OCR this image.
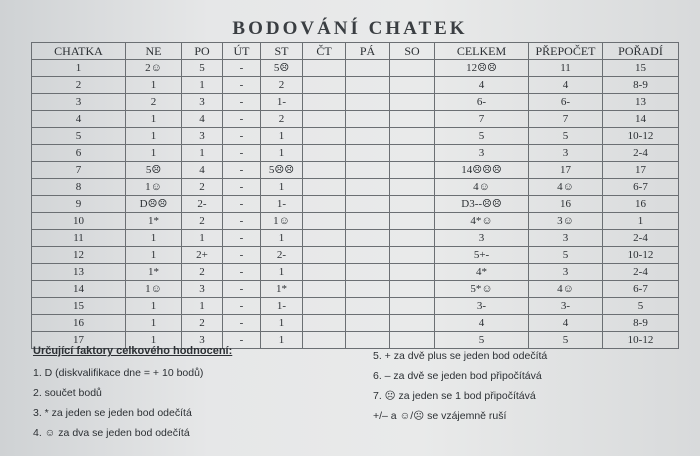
BODOVÁNÍ CHATEK
CHATKA	NE	PO	ÚT	ST	ČT	PÁ	SO	CELKEM	PŘEPOČET	POŘADÍ
1	2☺	5	-	5☹				12☹☹	11	15
2	1	1	-	2				4	4	8-9
3	2	3	-	1-				6-	6-	13
4	1	4	-	2				7	7	14
5	1	3	-	1				5	5	10-12
6	1	1	-	1				3	3	2-4
7	5☹	4	-	5☹☹				14☹☹☹	17	17
8	1☺	2	-	1				4☺	4☺	6-7
9	D☹☹	2-	-	1-				D3--☹☹	16	16
10	1*	2	-	1☺				4*☺	3☺	1
11	1	1	-	1				3	3	2-4
12	1	2+	-	2-				5+-	5	10-12
13	1*	2	-	1				4*	3	2-4
14	1☺	3	-	1*				5*☺	4☺	6-7
15	1	1	-	1-				3-	3-	5
16	1	2	-	1				4	4	8-9
17	1	3	-	1				5	5	10-12
Určující faktory celkového hodnocení:
1. D (diskvalifikace dne = + 10 bodů)
2. součet bodů
3. * za jeden se jeden bod odečítá
4. ☺ za dva se jeden bod odečítá
5. + za dvě plus se jeden bod odečítá
6. – za dvě se jeden bod připočítává
7. ☹ za jeden se 1 bod připočítává
+/– a ☺/☹ se vzájemně ruší
